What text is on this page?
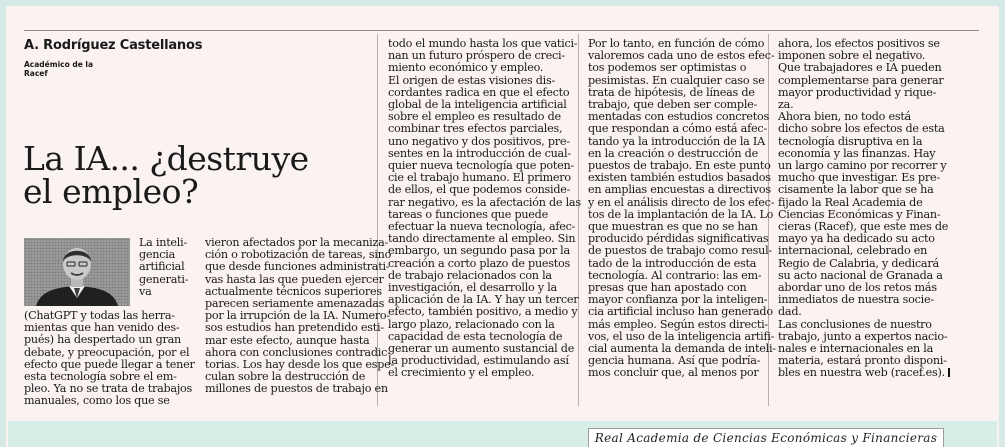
A. Rodríguez Castellanos
Académico de la
Racef
La IA... ¿destruye
el empleo?

La inteli-

gencia

artificial

generati-

va

(ChatGPT y todas las herra-

mientas que han venido des-

pués) ha despertado un gran

debate, y preocupación, por el

efecto que puede llegar a tener

esta tecnología sobre el em-

pleo. Ya no se trata de trabajos

manuales, como los que se

vieron afectados por la mecaniza-

ción o robotización de tareas, sino

que desde funciones administrati-

vas hasta las que pueden ejercer

actualmente técnicos superiores

parecen seriamente amenazadas

por la irrupción de la IA. Numero-

sos estudios han pretendido esti-

mar este efecto, aunque hasta

ahora con conclusiones contradic-

torias. Los hay desde los que espe-

culan sobre la destrucción de

millones de puestos de trabajo en

todo el mundo hasta los que vatici-

nan un futuro próspero de creci-

miento económico y empleo.

El origen de estas visiones dis-

cordantes radica en que el efecto

global de la inteligencia artificial

sobre el empleo es resultado de

combinar tres efectos parciales,

uno negativo y dos positivos, pre-

sentes en la introducción de cual-

quier nueva tecnología que poten-

cie el trabajo humano. El primero

de ellos, el que podemos conside-

rar negativo, es la afectación de las

tareas o funciones que puede

efectuar la nueva tecnología, afec-

tando directamente al empleo. Sin

embargo, un segundo pasa por la

creación a corto plazo de puestos

de trabajo relacionados con la

investigación, el desarrollo y la

aplicación de la IA. Y hay un tercer

efecto, también positivo, a medio y

largo plazo, relacionado con la

capacidad de esta tecnología de

generar un aumento sustancial de

la productividad, estimulando así

el crecimiento y el empleo.

Por lo tanto, en función de cómo

valoremos cada uno de estos efec-

tos podemos ser optimistas o

pesimistas. En cualquier caso se

trata de hipótesis, de líneas de

trabajo, que deben ser comple-

mentadas con estudios concretos

que respondan a cómo está afec-

tando ya la introducción de la IA

en la creación o destrucción de

puestos de trabajo. En este punto

existen también estudios basados

en amplias encuestas a directivos

y en el análisis directo de los efec-

tos de la implantación de la IA. Lo

que muestran es que no se han

producido pérdidas significativas

de puestos de trabajo como resul-

tado de la introducción de esta

tecnología. Al contrario: las em-

presas que han apostado con

mayor confianza por la inteligen-

cia artificial incluso han generado

más empleo. Según estos directi-

vos, el uso de la inteligencia artifi-

cial aumenta la demanda de inteli-

gencia humana. Así que podría-

mos concluir que, al menos por

ahora, los efectos positivos se

imponen sobre el negativo.

Que trabajadores e IA pueden

complementarse para generar

mayor productividad y rique-

za.

Ahora bien, no todo está

dicho sobre los efectos de esta

tecnología disruptiva en la

economía y las finanzas. Hay

un largo camino por recorrer y

mucho que investigar. Es pre-

cisamente la labor que se ha

fijado la Real Academia de

Ciencias Económicas y Finan-

cieras (Racef), que este mes de

mayo ya ha dedicado su acto

internacional, celebrado en

Regio de Calabria, y dedicará

su acto nacional de Granada a

abordar uno de los retos más

inmediatos de nuestra socie-

dad.

Las conclusiones de nuestro

trabajo, junto a expertos nacio-

nales e internacionales en la

materia, estará pronto disponi-

bles en nuestra web (racef.es).

Real Academia de Ciencias Económicas y Financieras
